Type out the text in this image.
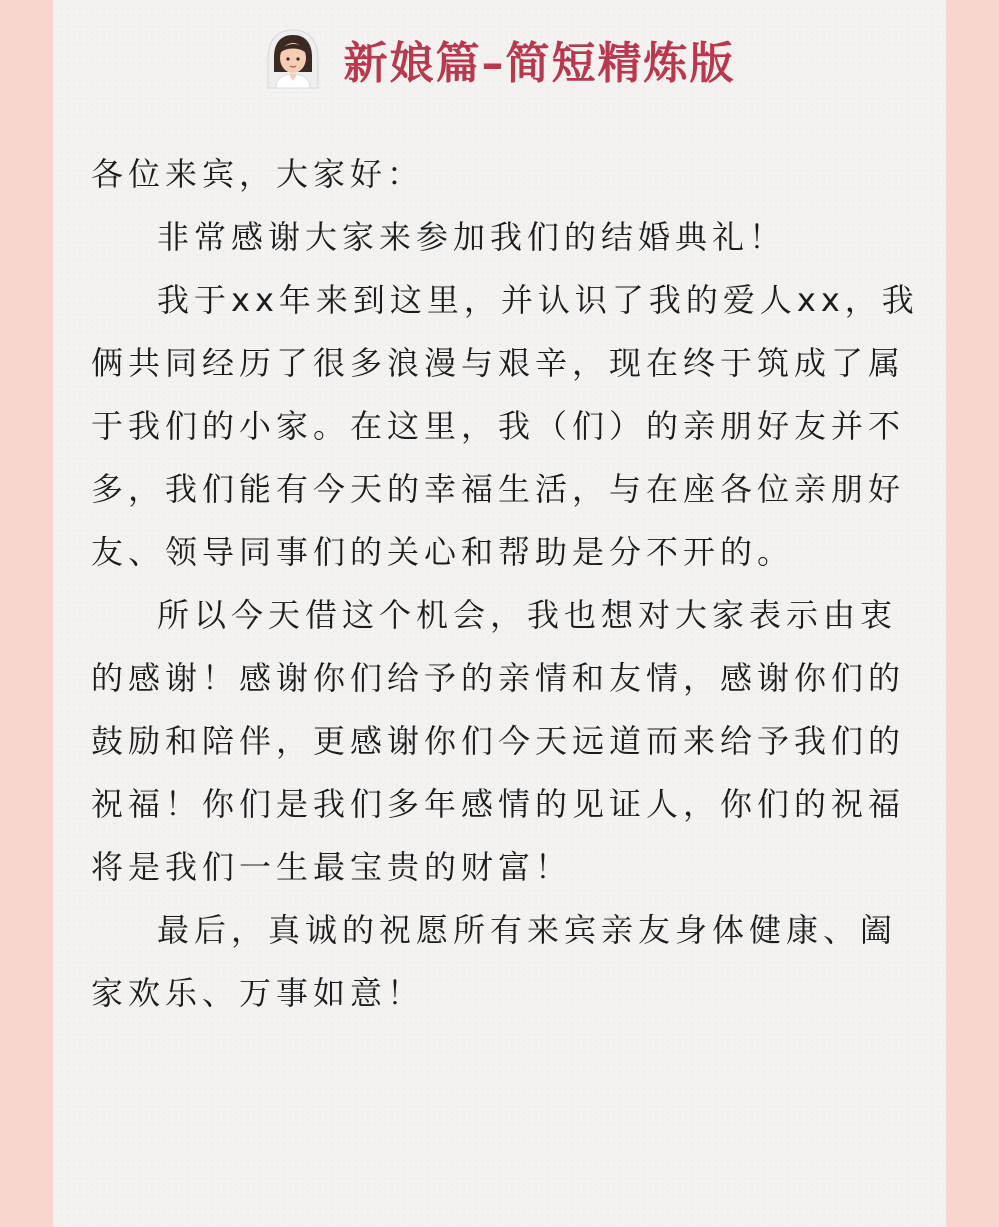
新娘篇–简短精炼版

各位来宾，大家好：

非常感谢大家来参加我们的结婚典礼！

我于xx年来到这里，并认识了我的爱人xx，我俩共同经历了很多浪漫与艰辛，现在终于筑成了属于我们的小家。在这里，我（们）的亲朋好友并不多，我们能有今天的幸福生活，与在座各位亲朋好友、领导同事们的关心和帮助是分不开的。

所以今天借这个机会，我也想对大家表示由衷的感谢！感谢你们给予的亲情和友情，感谢你们的鼓励和陪伴，更感谢你们今天远道而来给予我们的祝福！你们是我们多年感情的见证人，你们的祝福将是我们一生最宝贵的财富！

最后，真诚的祝愿所有来宾亲友身体健康、阖家欢乐、万事如意！
